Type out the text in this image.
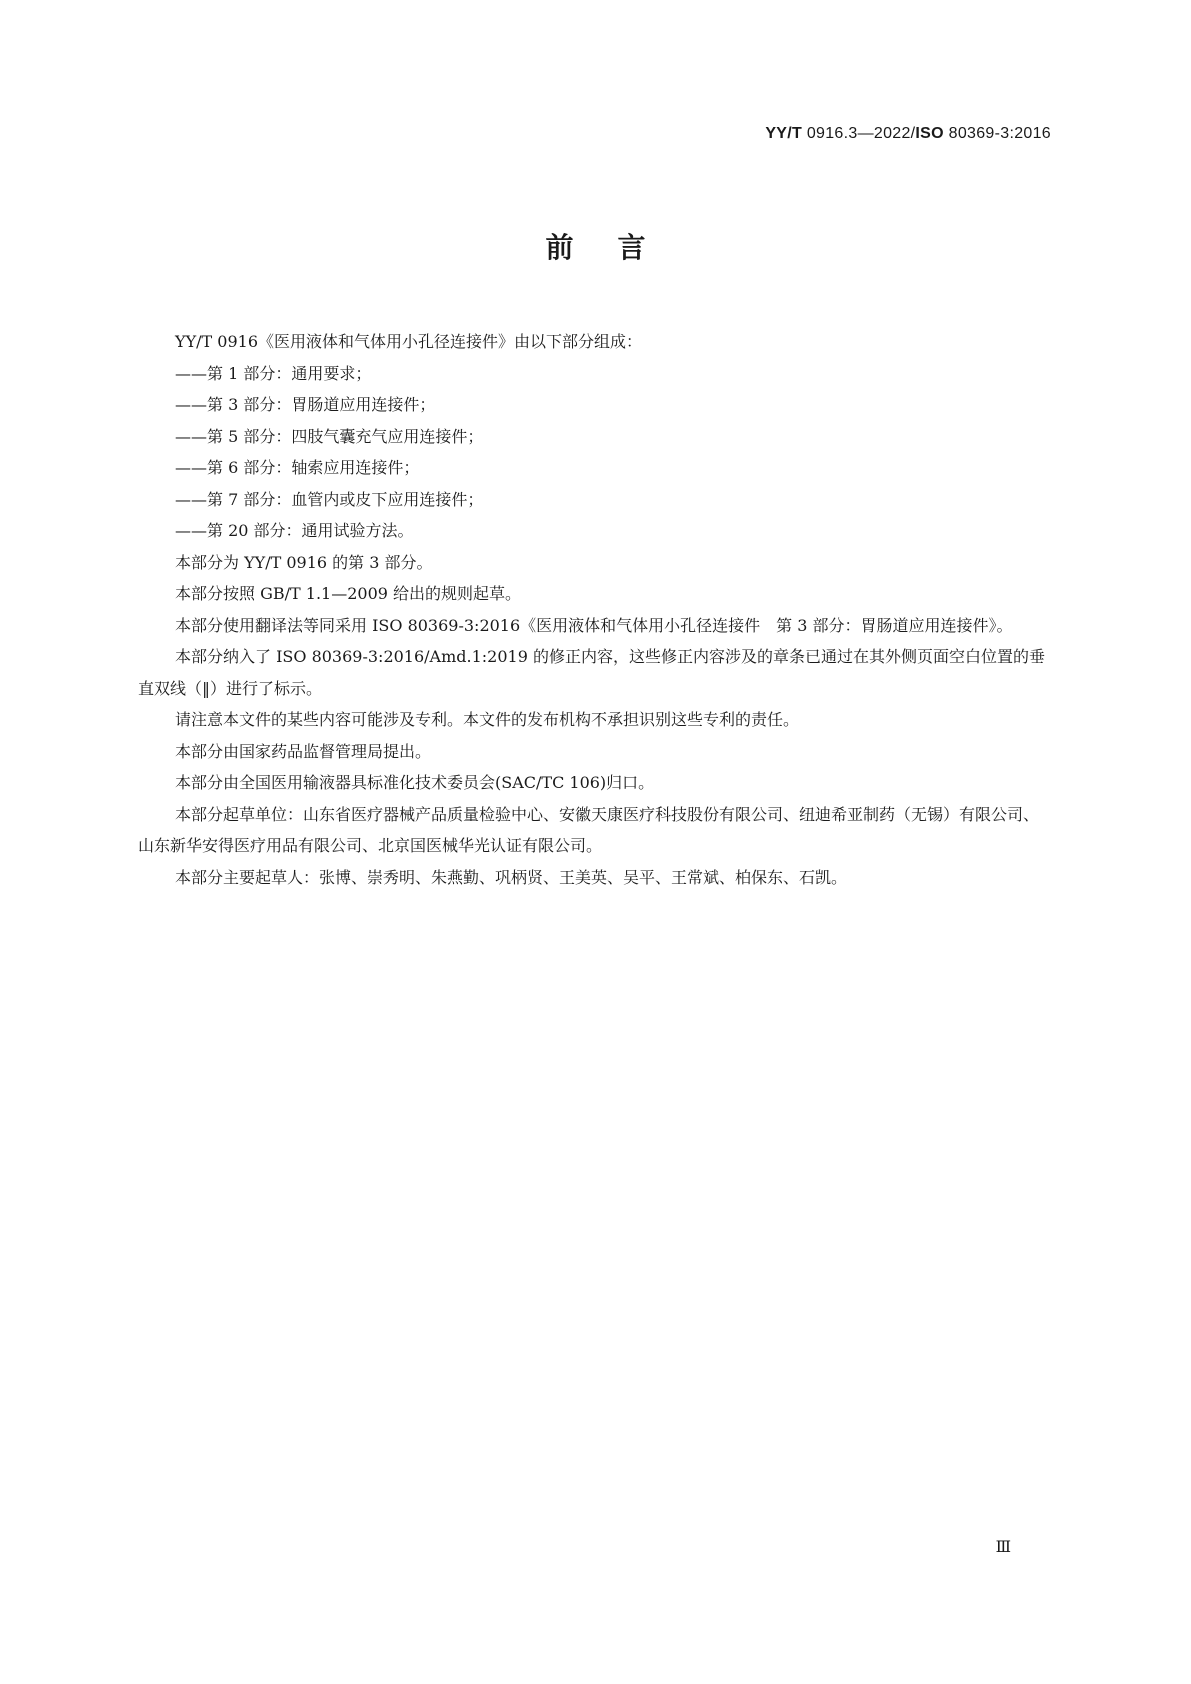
YY/T 0916.3—2022/ISO 80369-3:2016
前言

YY/T 0916《医用液体和气体用小孔径连接件》由以下部分组成：

——第 1 部分：通用要求；

——第 3 部分：胃肠道应用连接件；

——第 5 部分：四肢气囊充气应用连接件；

——第 6 部分：轴索应用连接件；

——第 7 部分：血管内或皮下应用连接件；

——第 20 部分：通用试验方法。

本部分为 YY/T 0916 的第 3 部分。

本部分按照 GB/T 1.1—2009 给出的规则起草。

本部分使用翻译法等同采用 ISO 80369-3:2016《医用液体和气体用小孔径连接件　第 3 部分：胃肠道应用连接件》。

本部分纳入了 ISO 80369-3:2016/Amd.1:2019 的修正内容，这些修正内容涉及的章条已通过在其外侧页面空白位置的垂直双线（‖）进行了标示。

请注意本文件的某些内容可能涉及专利。本文件的发布机构不承担识别这些专利的责任。

本部分由国家药品监督管理局提出。

本部分由全国医用输液器具标准化技术委员会(SAC/TC 106)归口。

本部分起草单位：山东省医疗器械产品质量检验中心、安徽天康医疗科技股份有限公司、纽迪希亚制药（无锡）有限公司、山东新华安得医疗用品有限公司、北京国医械华光认证有限公司。

本部分主要起草人：张博、崇秀明、朱燕勤、巩柄贤、王美英、吴平、王常斌、柏保东、石凯。

Ⅲ
